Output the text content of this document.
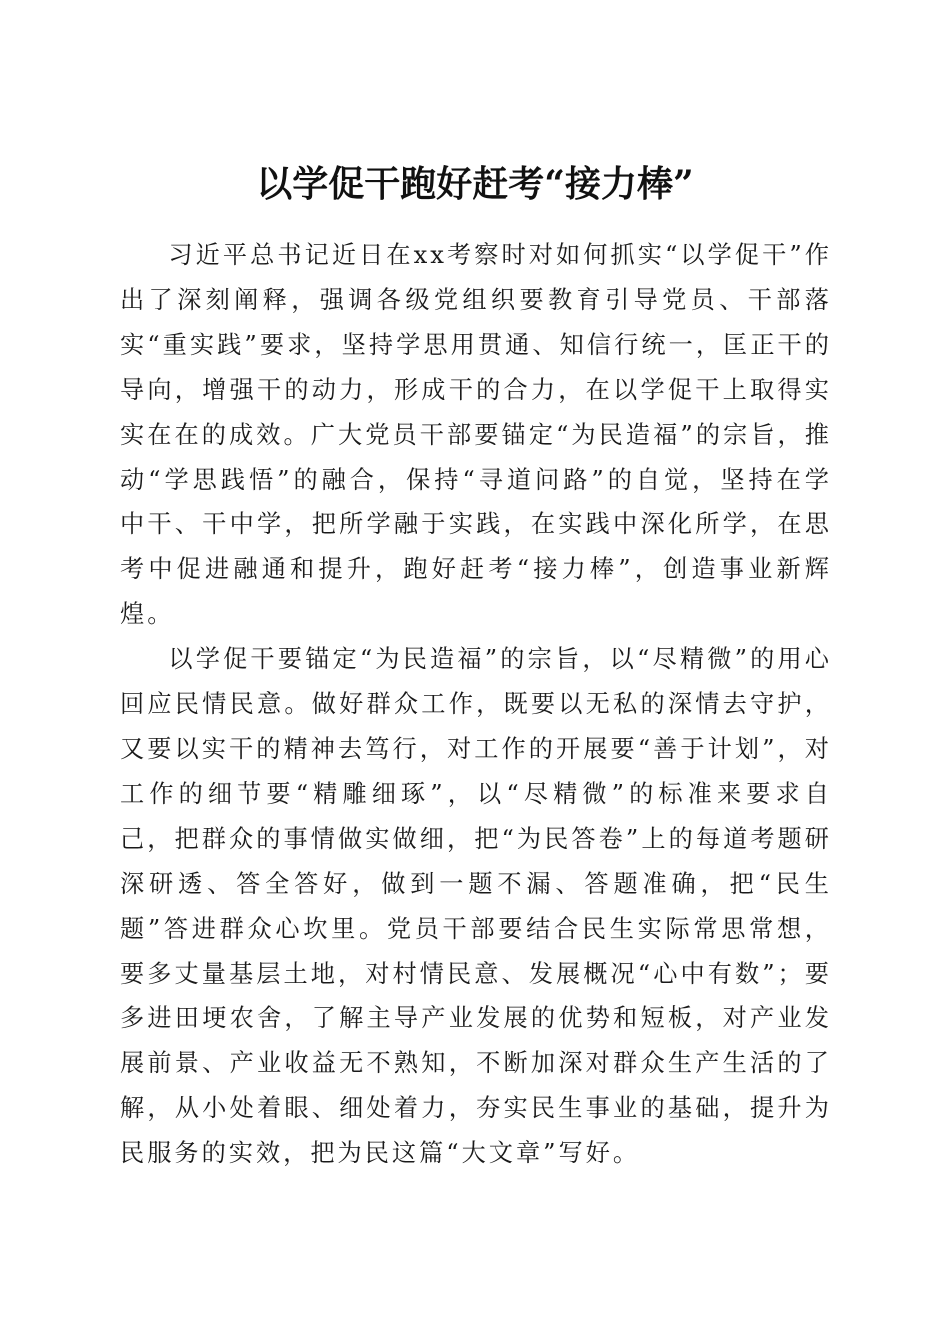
以学促干跑好赶考“接力棒”

习近平总书记近日在xx考察时对如何抓实“以学促干”作出了深刻阐释，强调各级党组织要教育引导党员、干部落实“重实践”要求，坚持学思用贯通、知信行统一，匡正干的导向，增强干的动力，形成干的合力，在以学促干上取得实实在在的成效。广大党员干部要锚定“为民造福”的宗旨，推动“学思践悟”的融合，保持“寻道问路”的自觉，坚持在学中干、干中学，把所学融于实践，在实践中深化所学，在思考中促进融通和提升，跑好赶考“接力棒”，创造事业新辉煌。

以学促干要锚定“为民造福”的宗旨，以“尽精微”的用心回应民情民意。做好群众工作，既要以无私的深情去守护，又要以实干的精神去笃行，对工作的开展要“善于计划”，对工作的细节要“精雕细琢”，以“尽精微”的标准来要求自己，把群众的事情做实做细，把“为民答卷”上的每道考题研深研透、答全答好，做到一题不漏、答题准确，把“民生题”答进群众心坎里。党员干部要结合民生实际常思常想，要多丈量基层土地，对村情民意、发展概况“心中有数”；要多进田埂农舍，了解主导产业发展的优势和短板，对产业发展前景、产业收益无不熟知，不断加深对群众生产生活的了解，从小处着眼、细处着力，夯实民生事业的基础，提升为民服务的实效，把为民这篇“大文章”写好。
